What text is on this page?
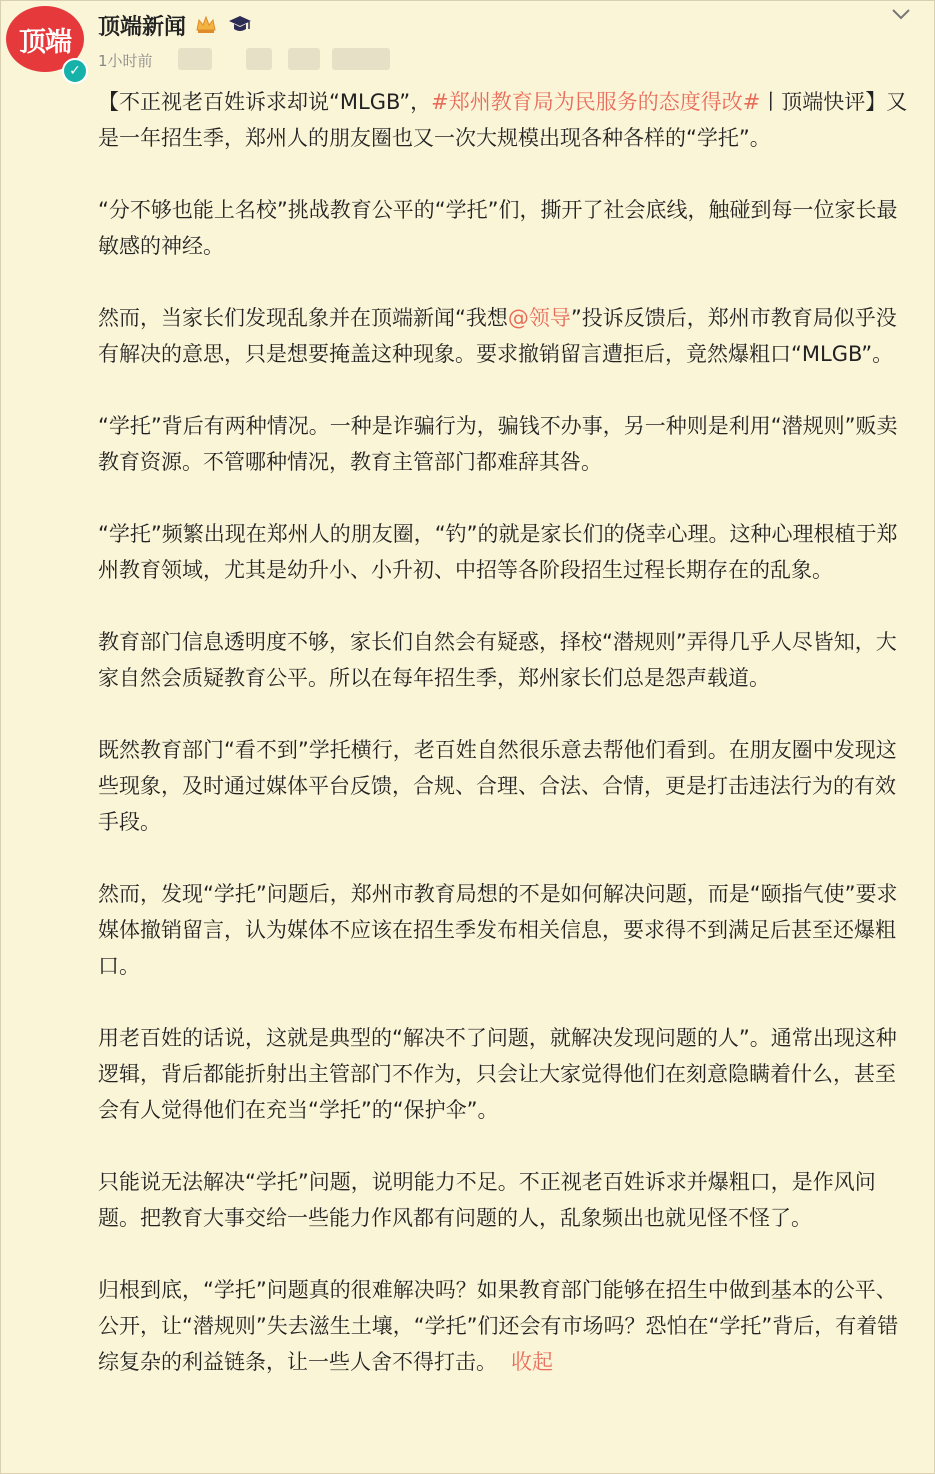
顶端
✓
顶端新闻
1小时前

【不正视老百姓诉求却说“MLGB”，#郑州教育局为民服务的态度得改#丨顶端快评】又是一年招生季，郑州人的朋友圈也又一次大规模出现各种各样的“学托”。

“分不够也能上名校”挑战教育公平的“学托”们，撕开了社会底线，触碰到每一位家长最敏感的神经。

然而，当家长们发现乱象并在顶端新闻“我想@领导”投诉反馈后，郑州市教育局似乎没有解决的意思，只是想要掩盖这种现象。要求撤销留言遭拒后，竟然爆粗口“MLGB”。

“学托”背后有两种情况。一种是诈骗行为，骗钱不办事，另一种则是利用“潜规则”贩卖教育资源。不管哪种情况，教育主管部门都难辞其咎。

“学托”频繁出现在郑州人的朋友圈，“钓”的就是家长们的侥幸心理。这种心理根植于郑州教育领域，尤其是幼升小、小升初、中招等各阶段招生过程长期存在的乱象。

教育部门信息透明度不够，家长们自然会有疑惑，择校“潜规则”弄得几乎人尽皆知，大家自然会质疑教育公平。所以在每年招生季，郑州家长们总是怨声载道。

既然教育部门“看不到”学托横行，老百姓自然很乐意去帮他们看到。在朋友圈中发现这些现象，及时通过媒体平台反馈，合规、合理、合法、合情，更是打击违法行为的有效手段。

然而，发现“学托”问题后，郑州市教育局想的不是如何解决问题，而是“颐指气使”要求媒体撤销留言，认为媒体不应该在招生季发布相关信息，要求得不到满足后甚至还爆粗口。

用老百姓的话说，这就是典型的“解决不了问题，就解决发现问题的人”。通常出现这种逻辑，背后都能折射出主管部门不作为，只会让大家觉得他们在刻意隐瞒着什么，甚至会有人觉得他们在充当“学托”的“保护伞”。

只能说无法解决“学托”问题，说明能力不足。不正视老百姓诉求并爆粗口，是作风问题。把教育大事交给一些能力作风都有问题的人，乱象频出也就见怪不怪了。

归根到底，“学托”问题真的很难解决吗？如果教育部门能够在招生中做到基本的公平、公开，让“潜规则”失去滋生土壤，“学托”们还会有市场吗？恐怕在“学托”背后，有着错综复杂的利益链条，让一些人舍不得打击。 收起
